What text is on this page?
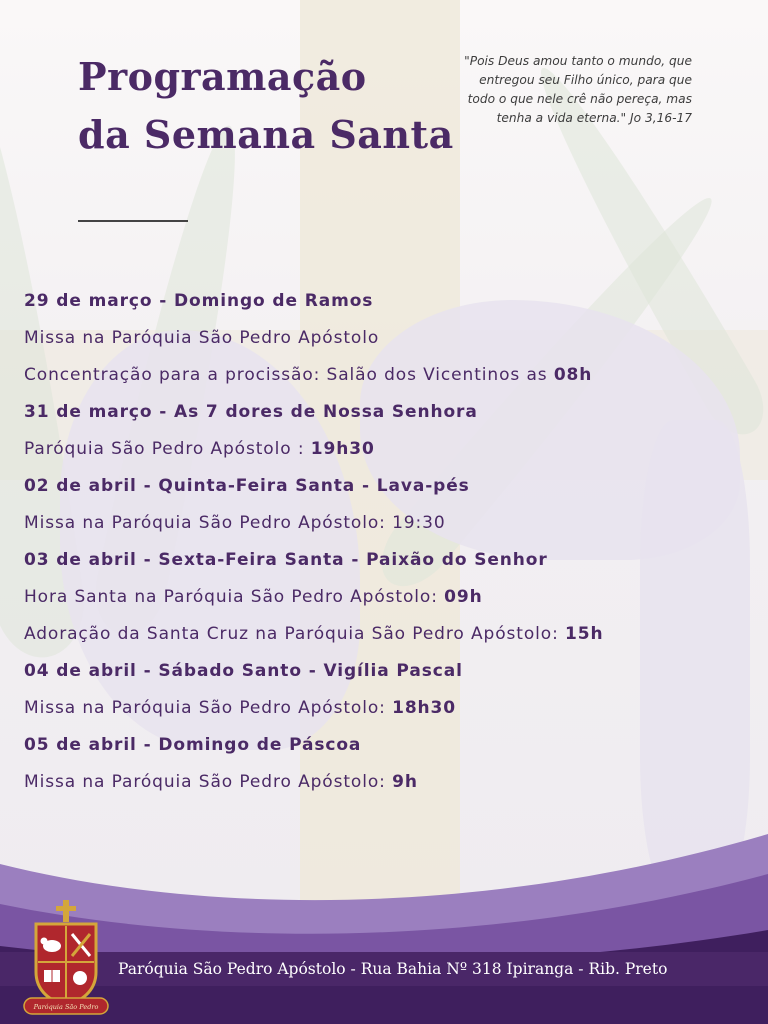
Programação
da Semana Santa

"Pois Deus amou tanto o mundo, que entregou seu Filho único, para que todo o que nele crê não pereça, mas tenha a vida eterna." Jo 3,16-17

29 de março - Domingo de Ramos
Missa na Paróquia São Pedro Apóstolo
Concentração para a procissão: Salão dos Vicentinos as 08h
31 de março - As 7 dores de Nossa Senhora
Paróquia São Pedro Apóstolo : 19h30
02 de abril - Quinta-Feira Santa - Lava-pés
Missa na Paróquia São Pedro Apóstolo: 19:30
03 de abril - Sexta-Feira Santa - Paixão do Senhor
Hora Santa na Paróquia São Pedro Apóstolo: 09h
Adoração da Santa Cruz na Paróquia São Pedro Apóstolo: 15h
04 de abril - Sábado Santo - Vigília Pascal
Missa na Paróquia São Pedro Apóstolo: 18h30
05 de abril - Domingo de Páscoa
Missa na Paróquia São Pedro Apóstolo: 9h

Paróquia São Pedro Apóstolo - Rua Bahia Nº 318 Ipiranga - Rib. Preto

Paróquia São Pedro
